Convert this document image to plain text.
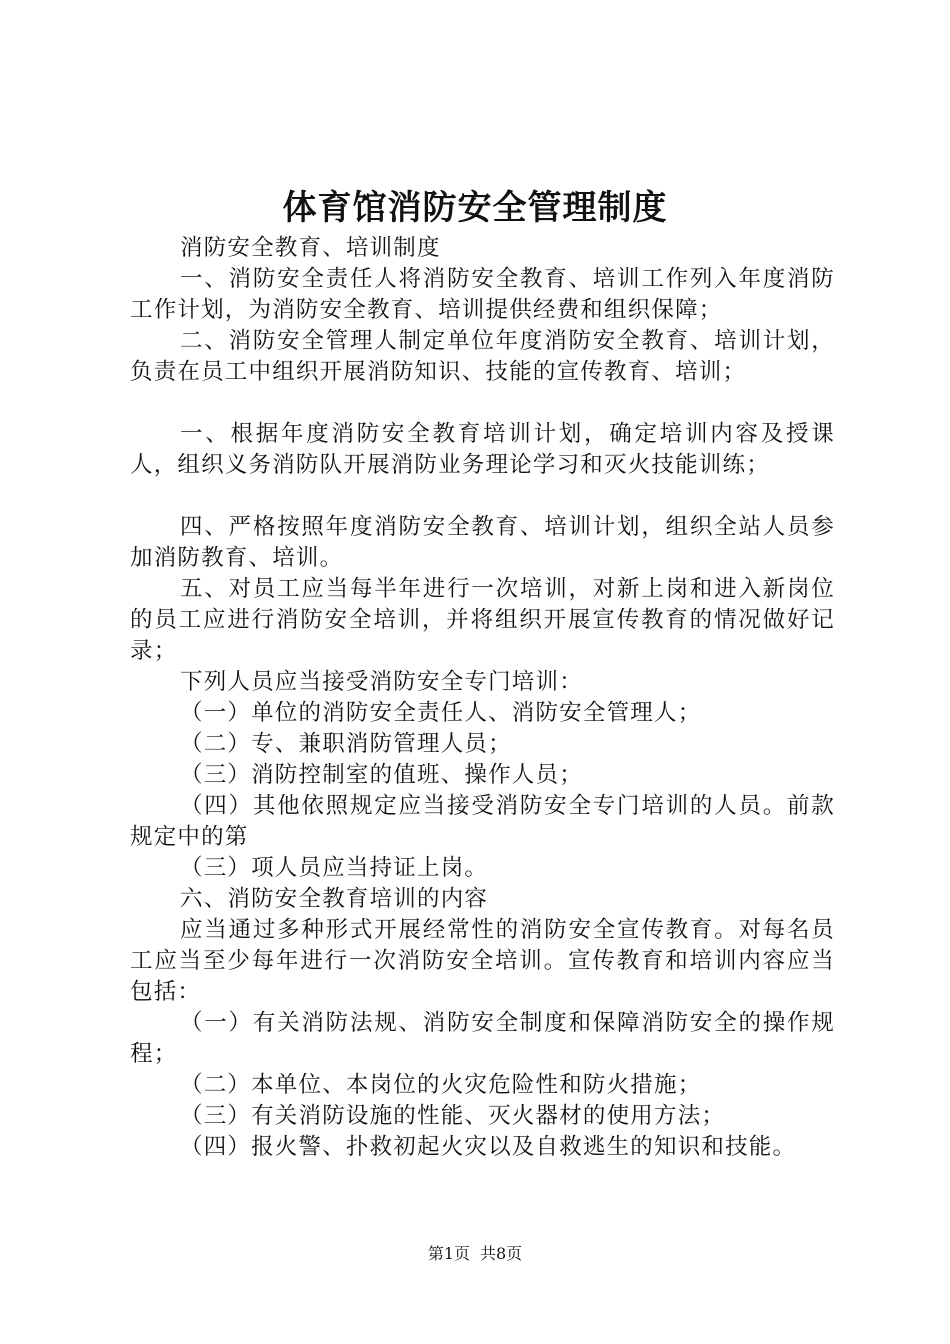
体育馆消防安全管理制度

消防安全教育、培训制度

一、消防安全责任人将消防安全教育、培训工作列入年度消防工作计划，为消防安全教育、培训提供经费和组织保障；

二、消防安全管理人制定单位年度消防安全教育、培训计划，负责在员工中组织开展消防知识、技能的宣传教育、培训；

一、根据年度消防安全教育培训计划，确定培训内容及授课人，组织义务消防队开展消防业务理论学习和灭火技能训练；

四、严格按照年度消防安全教育、培训计划，组织全站人员参加消防教育、培训。

五、对员工应当每半年进行一次培训，对新上岗和进入新岗位的员工应进行消防安全培训，并将组织开展宣传教育的情况做好记录；

下列人员应当接受消防安全专门培训：

（一）单位的消防安全责任人、消防安全管理人；

（二）专、兼职消防管理人员；

（三）消防控制室的值班、操作人员；

（四）其他依照规定应当接受消防安全专门培训的人员。前款规定中的第

（三）项人员应当持证上岗。

六、消防安全教育培训的内容

应当通过多种形式开展经常性的消防安全宣传教育。对每名员工应当至少每年进行一次消防安全培训。宣传教育和培训内容应当包括：

（一）有关消防法规、消防安全制度和保障消防安全的操作规程；

（二）本单位、本岗位的火灾危险性和防火措施；

（三）有关消防设施的性能、灭火器材的使用方法；

（四）报火警、扑救初起火灾以及自救逃生的知识和技能。

第1页 共8页
